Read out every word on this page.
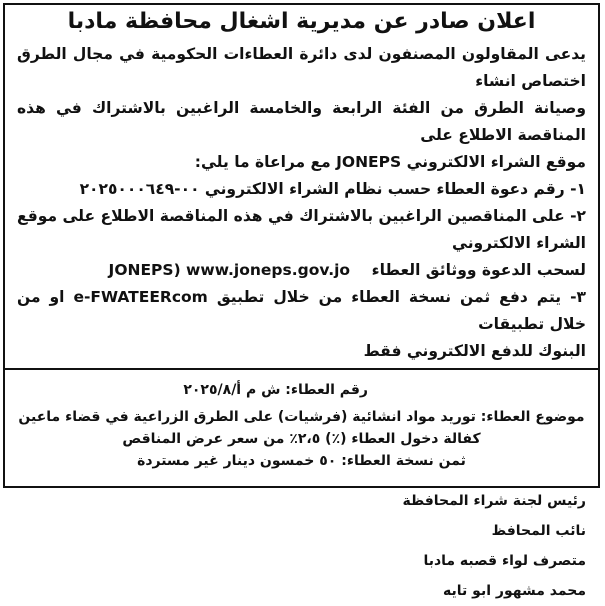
اعلان صادر عن مديرية اشغال محافظة مادبا

يدعى المقاولون المصنفون لدى دائرة العطاءات الحكومية في مجال الطرق اختصاص انشاء

وصيانة الطرق من الفئة الرابعة والخامسة الراغبين بالاشتراك في هذه المناقصة الاطلاع على

موقع الشراء الالكتروني JONEPS مع مراعاة ما يلي:

١- رقم دعوة العطاء حسب نظام الشراء الالكتروني ٠٠-٢٠٢٥٠٠٠٦٤٩

٢- على المناقصين الراغبين بالاشتراك في هذه المناقصة الاطلاع على موقع الشراء الالكتروني

لسحب الدعوة ووثائق العطاء    JONEPS) www.joneps.gov.jo

٣- يتم دفع ثمن نسخة العطاء من خلال تطبيق e-FWATEERcom او من خلال تطبيقات

البنوك للدفع الالكتروني فقط

رقم العطاء: ش م أ/٢٠٢٥/٨

موضوع العطاء: توريد مواد انشائية (فرشيات) على الطرق الزراعية في قضاء ماعين

كفالة دخول العطاء (٪) ٢،٥٪ من سعر عرض المناقص

ثمن نسخة العطاء: ٥٠ خمسون دينار غير مستردة

رئيس لجنة شراء المحافظة

نائب المحافظ

متصرف لواء قصبه مادبا

محمد مشهور ابو تايه
